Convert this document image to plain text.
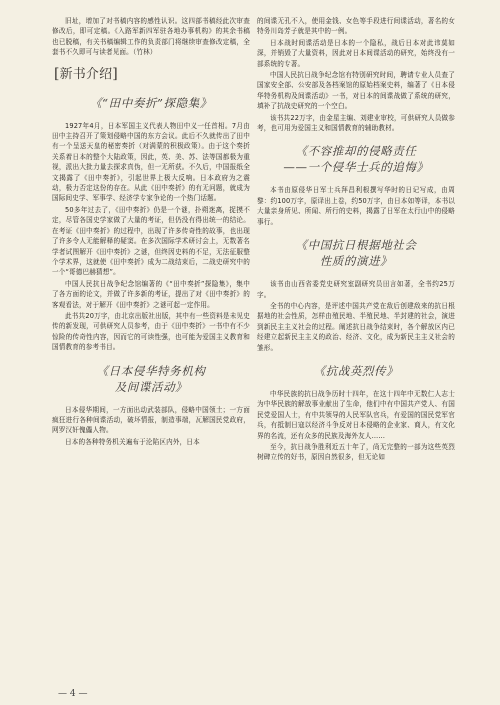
旧址，增加了对书稿内容的感性认识。这四部书稿经此次审查修改后，即可定稿。《入路军新四军驻各地办事机构》的其余书稿也已脱稿，有关书稿编辑工作的负责部门将继续审查修改定稿，全套书不久即可与读者见面。（竹林）

[新书介绍]
《“田中奏折”探隐集》

1927年4月，日本军国主义代表人物田中义一任首相。7月由田中主持召开了策划侵略中国的东方会议。此后不久就传出了田中有一个呈送天皇的秘密奏折（对满蒙的积极政策）。由于这个奏折关系着日本的整个大陆政策，因此，英、美、苏、法等国都极为重视，派出大批力量去探求真伪，但一无所获。不久后，中国报纸全文揭露了《田中奏折》，引起世界上极大反响。日本政府为之震动，极力否定这份的存在。从此《田中奏折》的有无问题，就成为国际间史学、军事学、经济学专家争论的一个热门话题。

50多年过去了，《田中奏折》仍是一个谜，扑朔迷离，捉摸不定，尽管各国史学家做了大量的考证，但仍没有得出统一的结论。在考证《田中奏折》的过程中，出现了许多传奇性的故事，也出现了许多令人无能解释的疑窦。在多次国际学术研讨会上，无数著名学者试图解开《田中奏折》之谜，但终因史料的不足，无法征服整个学术界，这就使《田中奏折》成为二战结束后，二战史研究中的一个“哥德巴赫猜想”。

中国人民抗日战争纪念馆编著的《“田中奏折”探隐集》，集中了各方面的论文，并做了许多新的考证，提出了对《田中奏折》的客观看法，对于解开《田中奏折》之谜可起一定作用。

此书共20万字，由北京出版社出版，其中有一些资料是未见史传的新发现，可供研究人员参考，由于《田中奏折》一书中有不少惊险的传奇性内容，因而它的可读性强，也可能为爱国主义教育和国情教育的参考书目。

《日本侵华特务机构
及间谍活动》

日本侵华期间，一方面出动武装部队，侵略中国领土；一方面疯狂进行各种间谍活动，破坏情报，制造事端，瓦解国民党政府，网罗汉奸傀儡人物。

日本的各种特务机关遍布于沦陷区内外，日本

的间谍无孔不入，使用金钱、女色等手段进行间谍活动，著名的女特务川岛芳子就是其中的一例。

日本战时间谍活动是日本的一个隐私，战后日本对此讳莫如深，并销毁了大量资料，因此对日本间谍活动的研究，始终没有一部系统的专著。

中国人民抗日战争纪念馆有特别研究时间，聘请专业人员查了国家安全部、公安部及各档案馆的原始档案史料，编著了《日本侵华特务机构及间谍活动》一书，对日本的间谍战做了系统的研究，填补了抗战史研究的一个空白。

该书共22万字，由金星主编、刘建业审校，可供研究人员做参考，也可用为爱国主义和国情教育的辅助教材。

《不容推却的侵略责任
——一个侵华士兵的追悔》

本书由原侵华日军士兵拜昌利根撰写华时的日记写成，由周黎：约100万字，原译出上卷，约50万字，由日本如等译，本书以大量亲身所见、所闻、所行的史料，揭露了日军在太行山中的侵略事行。

《中国抗日根据地社会
性质的演进》

该书由山西省委党史研究室副研究员田言如著，全书约25万字。

全书的中心内容，是评述中国共产党在敌后创建敌来的抗日根据地的社会性质，怎样由殖民地、半殖民地、半封建的社会，演进到新民主主义社会的过程。阐述抗日战争结束时，各个解放区内已经建立起新民主主义的政治、经济、文化，成为新民主主义社会的雏形。

《抗战英烈传》

中华民族的抗日战争历时十四年，在这十四年中无数仁人志士为中华民族的解放事业献出了生命，他们中有中国共产党人、有国民党爱国人士，有中共领导的人民军队官兵，有爱国的国民党军官兵，有抵制日寇以经济斗争反对日本侵略的企业家、商人，有文化界的名流，还有众多的民族及海外友人……

至今，抗日战争胜利近五十年了，尚无完整的一部为这些英烈树碑立传的好书，原因自然很多，但无论如

— 4 —
